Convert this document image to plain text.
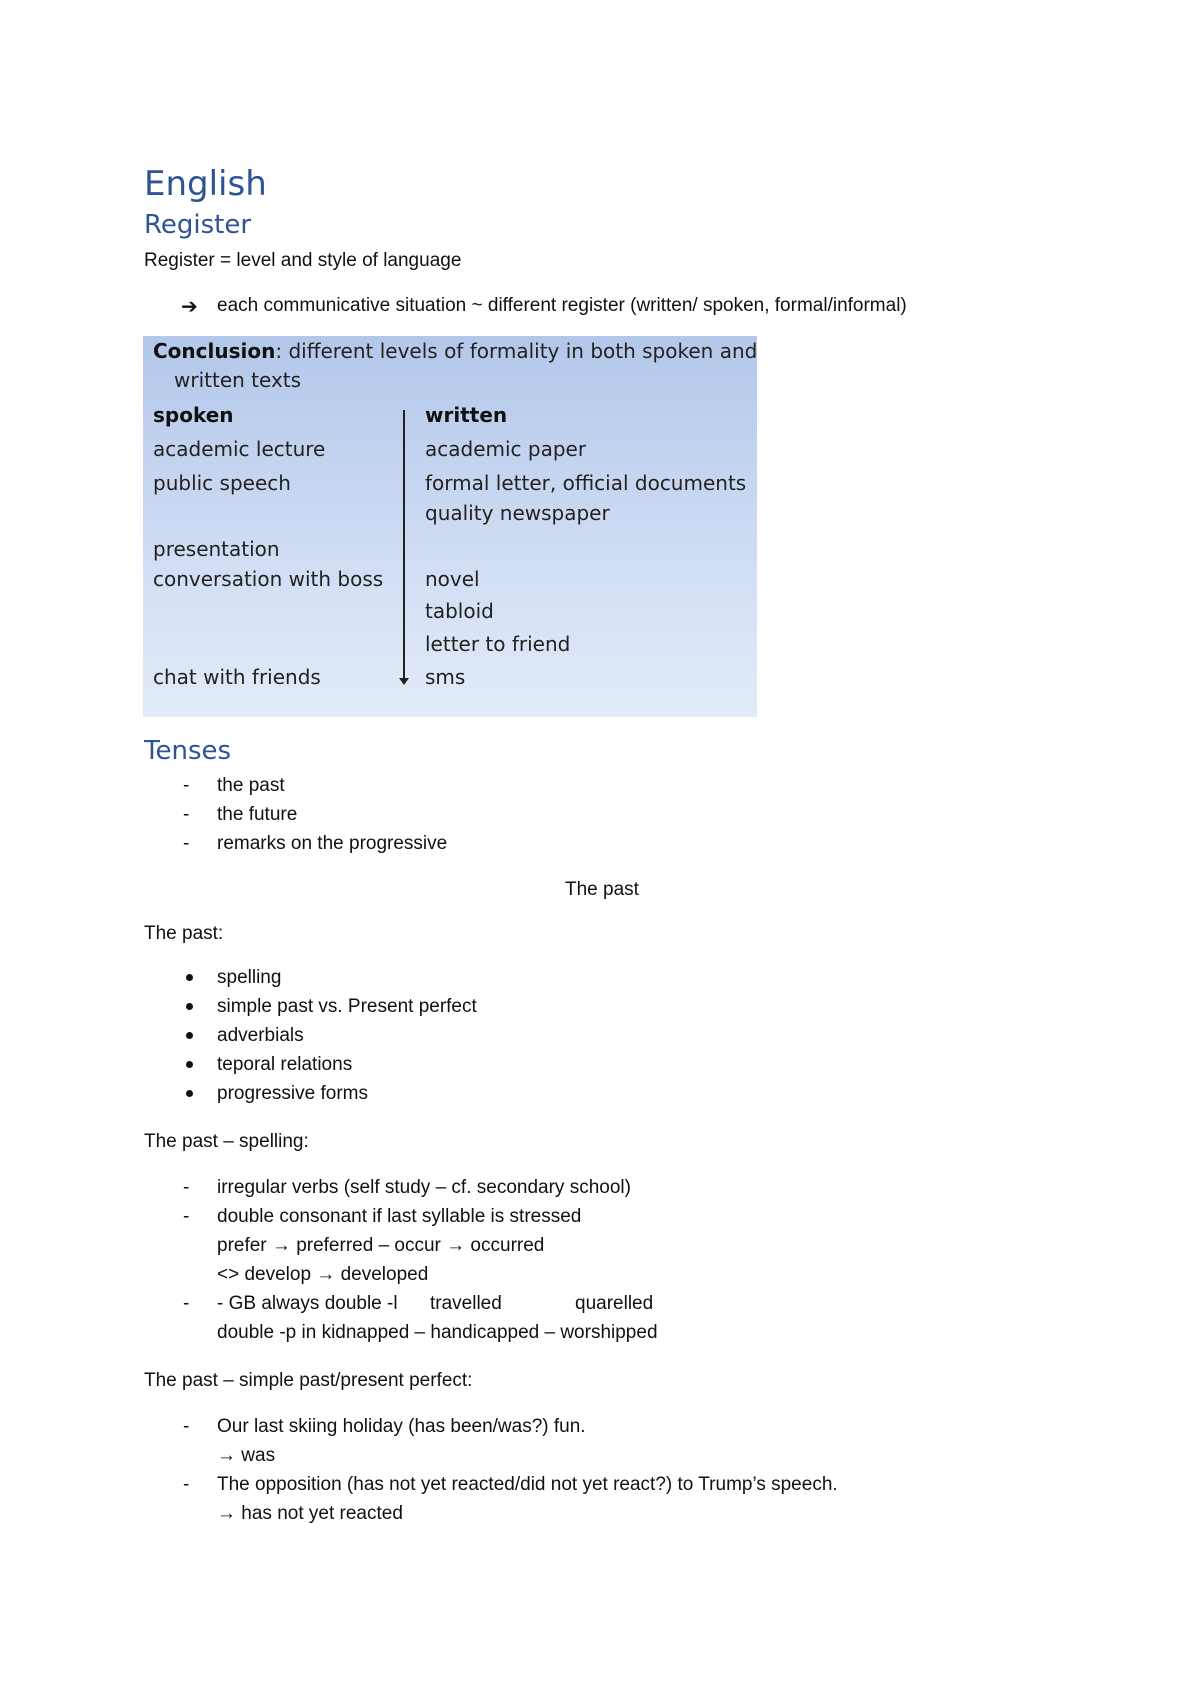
English
Register
Register = level and style of language
➔ each communicative situation ~ different register (written/ spoken, formal/informal)
Conclusion: different levels of formality in both spoken and
written texts
spoken	written
academic lecture
public speech
presentation
conversation with boss
chat with friends
academic paper
formal letter, official documents
quality newspaper
novel
tabloid
letter to friend
sms
Tenses
- the past
- the future
- remarks on the progressive
The past
The past:
spelling
simple past vs. Present perfect
adverbials
teporal relations
progressive forms
The past – spelling:
- irregular verbs (self study – cf. secondary school)
- double consonant if last syllable is stressed
prefer → preferred – occur → occurred
<> develop → developed
- - GB always double -l travelled	quarelled
double -p in kidnapped – handicapped – worshipped
The past – simple past/present perfect:
- Our last skiing holiday (has been/was?) fun.
→ was
- The opposition (has not yet reacted/did not yet react?) to Trump’s speech.
→ has not yet reacted
